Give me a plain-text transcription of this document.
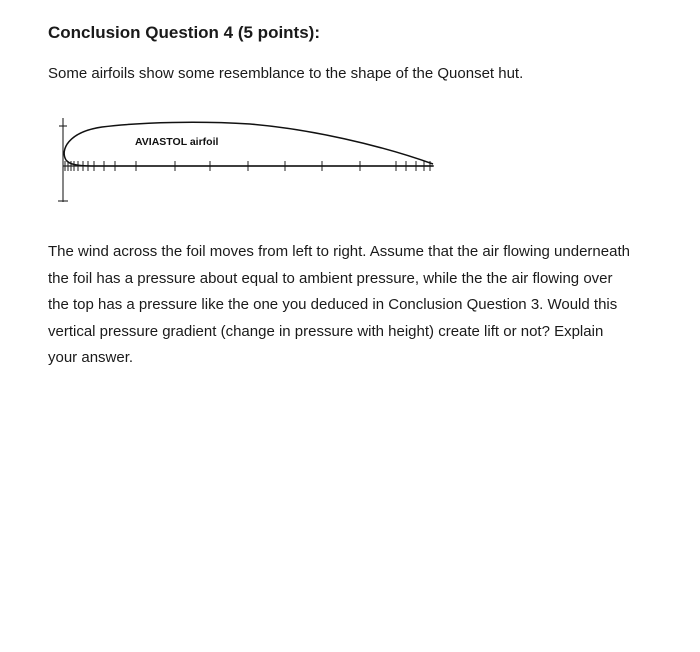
Conclusion Question 4 (5 points):

Some airfoils show some resemblance to the shape of the Quonset hut.

AVIASTOL airfoil

The wind across the foil moves from left to right. Assume that the air flowing underneath
the foil has a pressure about equal to ambient pressure, while the the air flowing over
the top has a pressure like the one you deduced in Conclusion Question 3. Would this
vertical pressure gradient (change in pressure with height) create lift or not? Explain
your answer.
